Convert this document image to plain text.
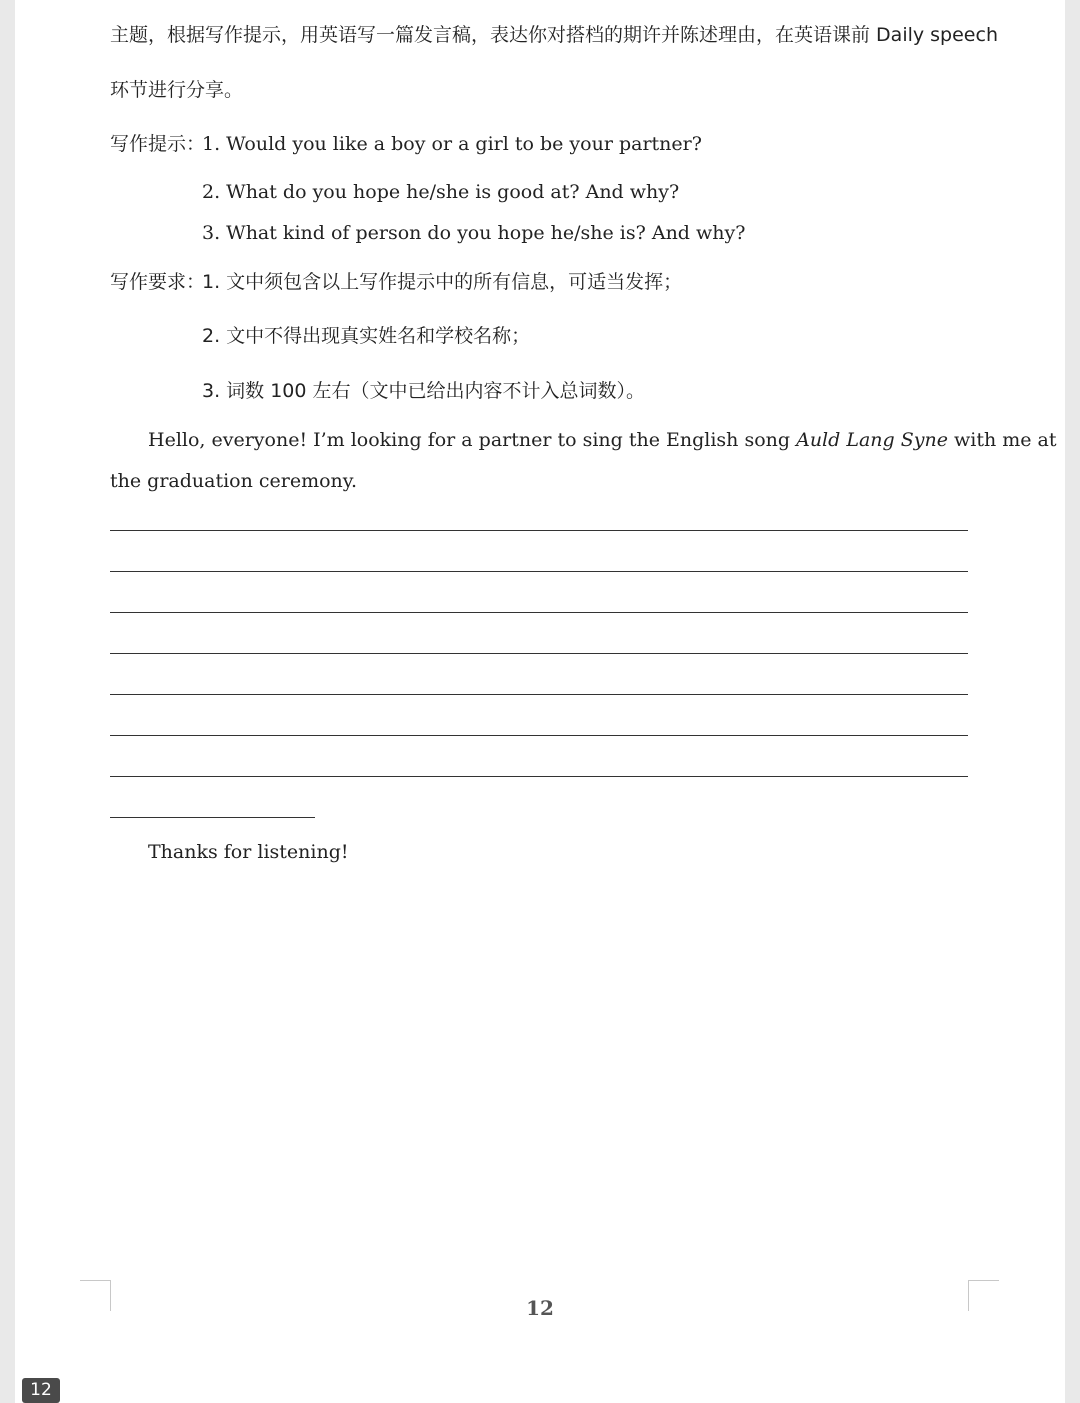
主题，根据写作提示，用英语写一篇发言稿，表达你对搭档的期许并陈述理由，在英语课前 Daily speech
环节进行分享。
写作提示：
1. Would you like a boy or a girl to be your partner?
2. What do you hope he/she is good at? And why?
3. What kind of person do you hope he/she is? And why?
写作要求：
1. 文中须包含以上写作提示中的所有信息，可适当发挥；
2. 文中不得出现真实姓名和学校名称；
3. 词数 100 左右（文中已给出内容不计入总词数）。
Hello, everyone! I’m looking for a partner to sing the English song Auld Lang Syne with me at
the graduation ceremony.
Thanks for listening!
12
12
